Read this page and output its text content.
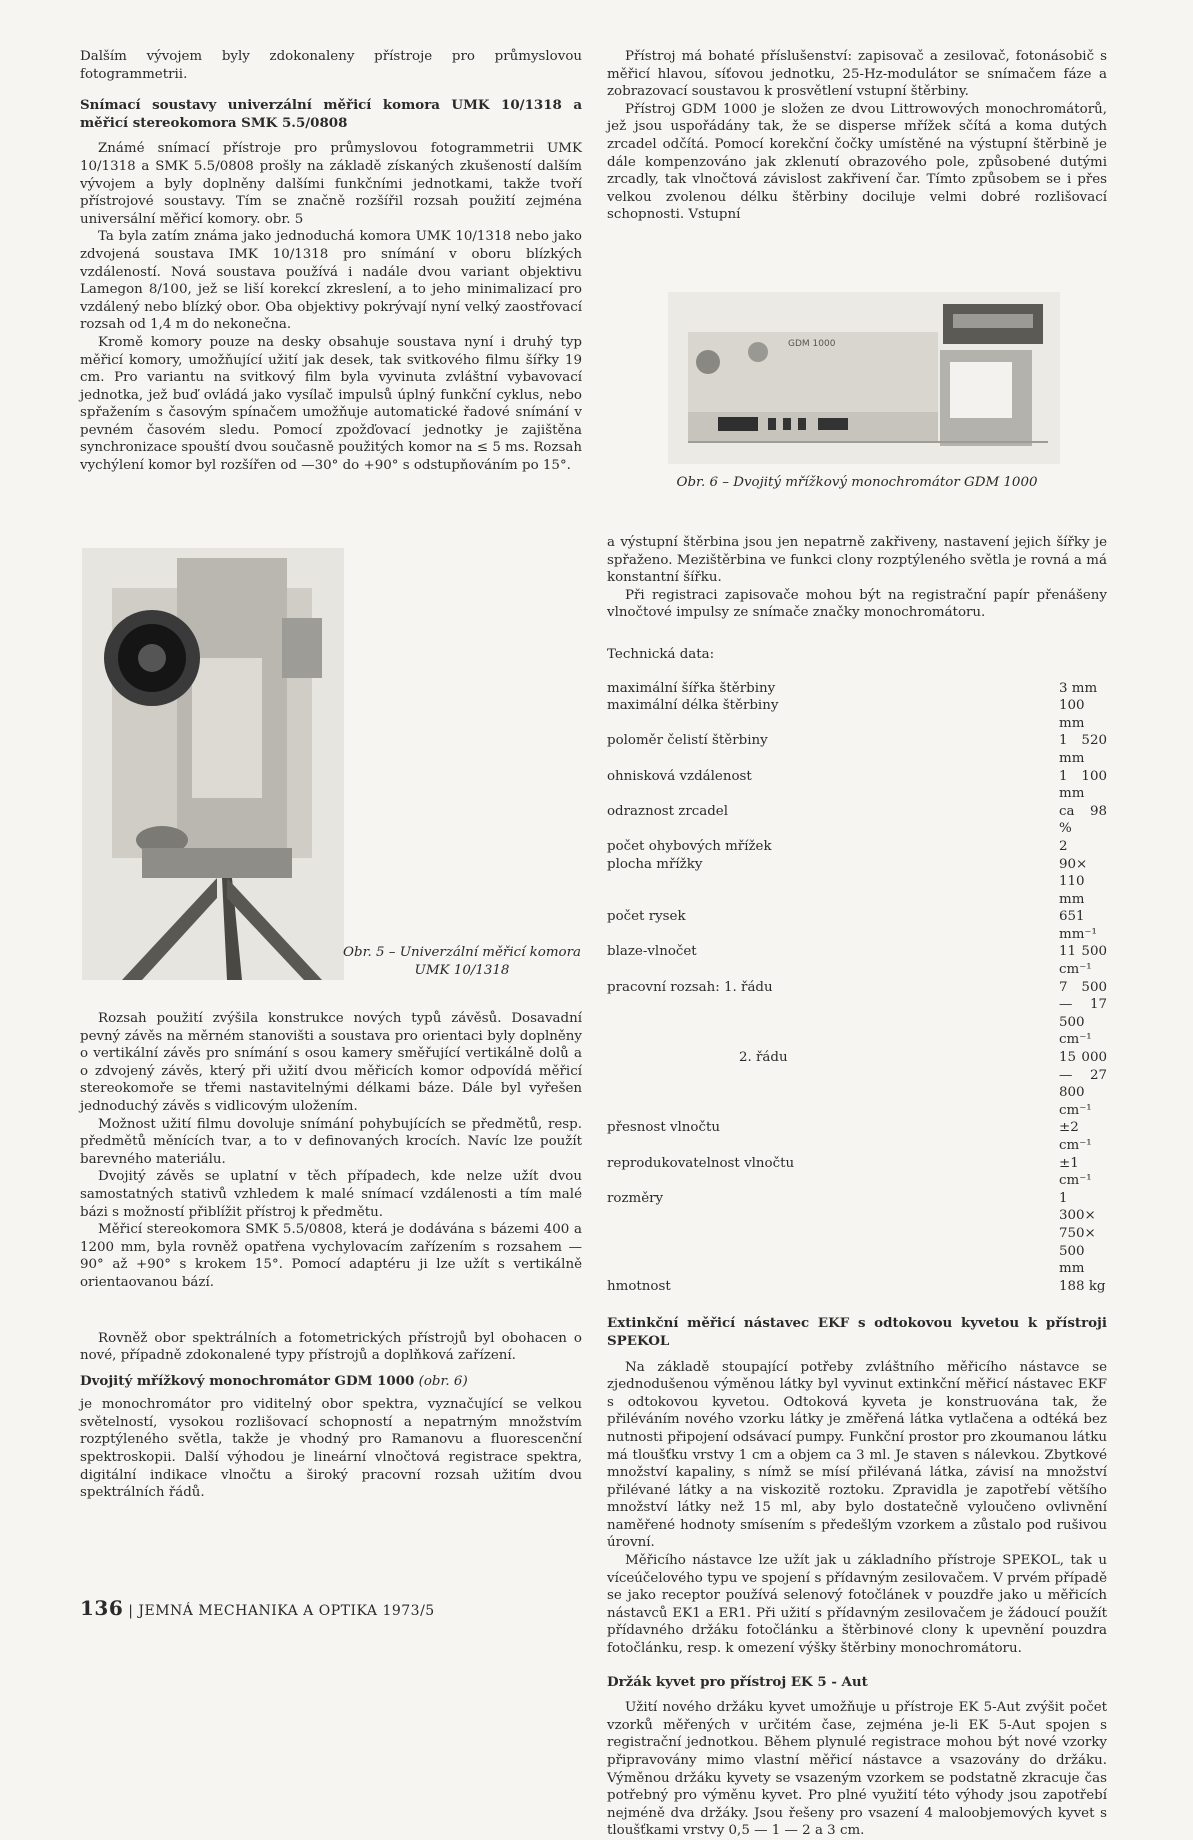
Dalším vývojem byly zdokonaleny přístroje pro průmyslovou fotogrammetrii.

Snímací soustavy univerzální měřicí komora UMK 10/1318 a měřicí stereokomora SMK 5.5/0808

Známé snímací přístroje pro průmyslovou fotogrammetrii UMK 10/1318 a SMK 5.5/0808 prošly na základě získaných zkušeností dalším vývojem a byly doplněny dalšími funkčními jednotkami, takže tvoří přístrojové soustavy. Tím se značně rozšířil rozsah použití zejména universální měřicí komory. obr. 5

Ta byla zatím známa jako jednoduchá komora UMK 10/1318 nebo jako zdvojená soustava IMK 10/1318 pro snímání v oboru blízkých vzdáleností. Nová soustava používá i nadále dvou variant objektivu Lamegon 8/100, jež se liší korekcí zkreslení, a to jeho minimalizací pro vzdálený nebo blízký obor. Oba objektivy pokrývají nyní velký zaostřovací rozsah od 1,4 m do nekonečna.

Kromě komory pouze na desky obsahuje soustava nyní i druhý typ měřicí komory, umožňující užití jak desek, tak svitkového filmu šířky 19 cm. Pro variantu na svitkový film byla vyvinuta zvláštní vybavovací jednotka, jež buď ovládá jako vysílač impulsů úplný funkční cyklus, nebo spřažením s časovým spínačem umožňuje automatické řadové snímání v pevném časovém sledu. Pomocí zpožďovací jednotky je zajištěna synchronizace spouští dvou současně použitých komor na ≤ 5 ms. Rozsah vychýlení komor byl rozšířen od —30° do +90° s odstupňováním po 15°.

Obr. 5 – Univerzální měřicí komora UMK 10/1318

Rozsah použití zvýšila konstrukce nových typů závěsů. Dosavadní pevný závěs na měrném stanovišti a soustava pro orientaci byly doplněny o vertikální závěs pro snímání s osou kamery směřující vertikálně dolů a o zdvojený závěs, který při užití dvou měřicích komor odpovídá měřicí stereokomoře se třemi nastavitelnými délkami báze. Dále byl vyřešen jednoduchý závěs s vidlicovým uložením.

Možnost užití filmu dovoluje snímání pohybujících se předmětů, resp. předmětů měnících tvar, a to v definovaných krocích. Navíc lze použít barevného materiálu.

Dvojitý závěs se uplatní v těch případech, kde nelze užít dvou samostatných stativů vzhledem k malé snímací vzdálenosti a tím malé bázi s možností přiblížit přístroj k předmětu.

Měřicí stereokomora SMK 5.5/0808, která je dodávána s bázemi 400 a 1200 mm, byla rovněž opatřena vychylovacím zařízením s rozsahem —90° až +90° s krokem 15°. Pomocí adaptéru ji lze užít s vertikálně orientaovanou bází.

Rovněž obor spektrálních a fotometrických přístrojů byl obohacen o nové, případně zdokonalené typy přístrojů a doplňková zařízení.

Dvojitý mřížkový monochromátor GDM 1000 (obr. 6)

je monochromátor pro viditelný obor spektra, vyznačující se velkou světelností, vysokou rozlišovací schopností a nepatrným množstvím rozptýleného světla, takže je vhodný pro Ramanovu a fluorescenční spektroskopii. Další výhodou je lineární vlnočtová registrace spektra, digitální indikace vlnočtu a široký pracovní rozsah užitím dvou spektrálních řádů.

Přístroj má bohaté příslušenství: zapisovač a zesilovač, fotonásobič s měřicí hlavou, síťovou jednotku, 25-Hz-modulátor se snímačem fáze a zobrazovací soustavou k prosvětlení vstupní štěrbiny.

Přístroj GDM 1000 je složen ze dvou Littrowových monochromátorů, jež jsou uspořádány tak, že se disperse mřížek sčítá a koma dutých zrcadel odčítá. Pomocí korekční čočky umístěné na výstupní štěrbině je dále kompenzováno jak zklenutí obrazového pole, způsobené dutými zrcadly, tak vlnočtová závislost zakřivení čar. Tímto způsobem se i přes velkou zvolenou délku štěrbiny dociluje velmi dobré rozlišovací schopnosti. Vstupní

GDM 1000

Obr. 6 – Dvojitý mřížkový monochromátor GDM 1000

a výstupní štěrbina jsou jen nepatrně zakřiveny, nastavení jejich šířky je spřaženo. Mezištěrbina ve funkci clony rozptýleného světla je rovná a má konstantní šířku.

Při registraci zapisovače mohou být na registrační papír přenášeny vlnočtové impulsy ze snímače značky monochromátoru.

Technická data:

maximální šířka štěrbiny	3 mm
maximální délka štěrbiny	100 mm
poloměr čelistí štěrbiny	1 520 mm
ohnisková vzdálenost	1 100 mm
odraznost zrcadel	ca 98 %
počet ohybových mřížek	2
plocha mřížky	90× 110 mm
počet rysek	651 mm⁻¹
blaze-vlnočet	11 500 cm⁻¹
pracovní rozsah: 1. řádu	7 500 — 17 500 cm⁻¹
2. řádu	15 000 — 27 800 cm⁻¹
přesnost vlnočtu	±2 cm⁻¹
reprodukovatelnost vlnočtu	±1 cm⁻¹
rozměry	1 300× 750× 500 mm
hmotnost	188 kg

Extinkční měřicí nástavec EKF s odtokovou kyvetou k přístroji SPEKOL

Na základě stoupající potřeby zvláštního měřicího nástavce se zjednodušenou výměnou látky byl vyvinut extinkční měřicí nástavec EKF s odtokovou kyvetou. Odtoková kyveta je konstruována tak, že přiléváním nového vzorku látky je změřená látka vytlačena a odtéká bez nutnosti připojení odsávací pumpy. Funkční prostor pro zkoumanou látku má tloušťku vrstvy 1 cm a objem ca 3 ml. Je staven s nálevkou. Zbytkové množství kapaliny, s nímž se mísí přilévaná látka, závisí na množství přilévané látky a na viskozitě roztoku. Zpravidla je zapotřebí většího množství látky než 15 ml, aby bylo dostatečně vyloučeno ovlivnění naměřené hodnoty smísením s předešlým vzorkem a zůstalo pod rušivou úrovní.

Měřicího nástavce lze užít jak u základního přístroje SPEKOL, tak u víceúčelového typu ve spojení s přídavným zesilovačem. V prvém případě se jako receptor používá selenový fotočlánek v pouzdře jako u měřicích nástavců EK1 a ER1. Při užití s přídavným zesilovačem je žádoucí použít přídavného držáku fotočlánku a štěrbinové clony k upevnění pouzdra fotočlánku, resp. k omezení výšky štěrbiny monochromátoru.

Držák kyvet pro přístroj EK 5 - Aut

Užití nového držáku kyvet umožňuje u přístroje EK 5-Aut zvýšit počet vzorků měřených v určitém čase, zejména je-li EK 5-Aut spojen s registrační jednotkou. Během plynulé registrace mohou být nové vzorky připravovány mimo vlastní měřicí nástavce a vsazovány do držáku. Výměnou držáku kyvety se vsazeným vzorkem se podstatně zkracuje čas potřebný pro výměnu kyvet. Pro plné využití této výhody jsou zapotřebí nejméně dva držáky. Jsou řešeny pro vsazení 4 maloobjemových kyvet s tloušťkami vrstvy 0,5 — 1 — 2 a 3 cm.

136 | JEMNÁ MECHANIKA A OPTIKA 1973/5
